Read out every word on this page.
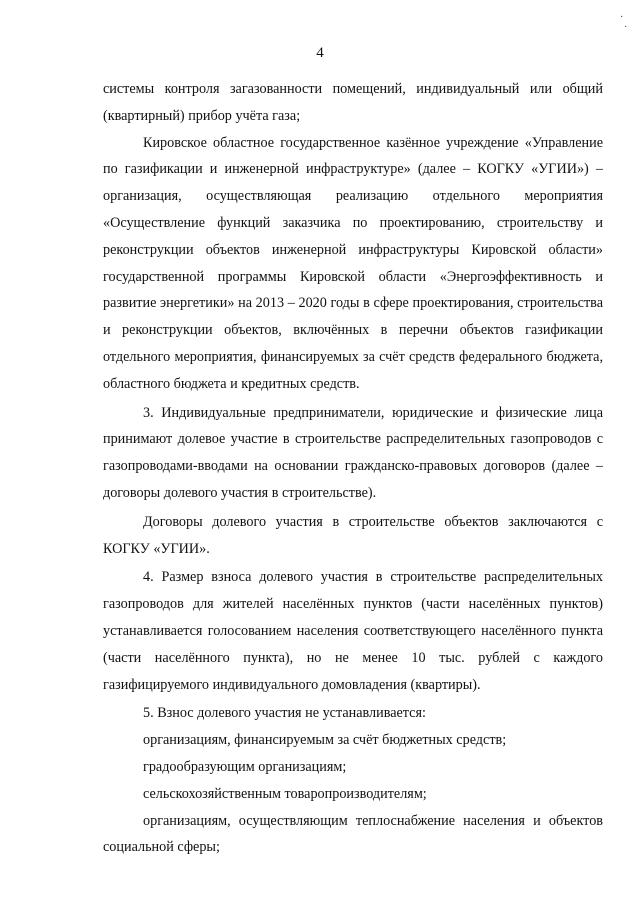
4

системы контроля загазованности помещений, индивидуальный или общий (квартирный) прибор учёта газа;

Кировское областное государственное казённое учреждение «Управление по газификации и инженерной инфраструктуре» (далее – КОГКУ «УГИИ») – организация, осуществляющая реализацию отдельного мероприятия «Осуществление функций заказчика по проектированию, строительству и реконструкции объектов инженерной инфраструктуры Кировской области» государственной программы Кировской области «Энергоэффективность и развитие энергетики» на 2013 – 2020 годы в сфере проектирования, строительства и реконструкции объектов, включённых в перечни объектов газификации отдельного мероприятия, финансируемых за счёт средств федерального бюджета, областного бюджета и кредитных средств.

3. Индивидуальные предприниматели, юридические и физические лица принимают долевое участие в строительстве распределительных газопроводов с газопроводами-вводами на основании гражданско-правовых договоров (далее – договоры долевого участия в строительстве).

Договоры долевого участия в строительстве объектов заключаются с КОГКУ «УГИИ».

4. Размер взноса долевого участия в строительстве распределительных газопроводов для жителей населённых пунктов (части населённых пунктов) устанавливается голосованием населения соответствующего населённого пункта (части населённого пункта), но не менее 10 тыс. рублей с каждого газифицируемого индивидуального домовладения (квартиры).

5. Взнос долевого участия не устанавливается:

организациям, финансируемым за счёт бюджетных средств;

градообразующим организациям;

сельскохозяйственным товаропроизводителям;

организациям, осуществляющим теплоснабжение населения и объектов социальной сферы;

·
·
